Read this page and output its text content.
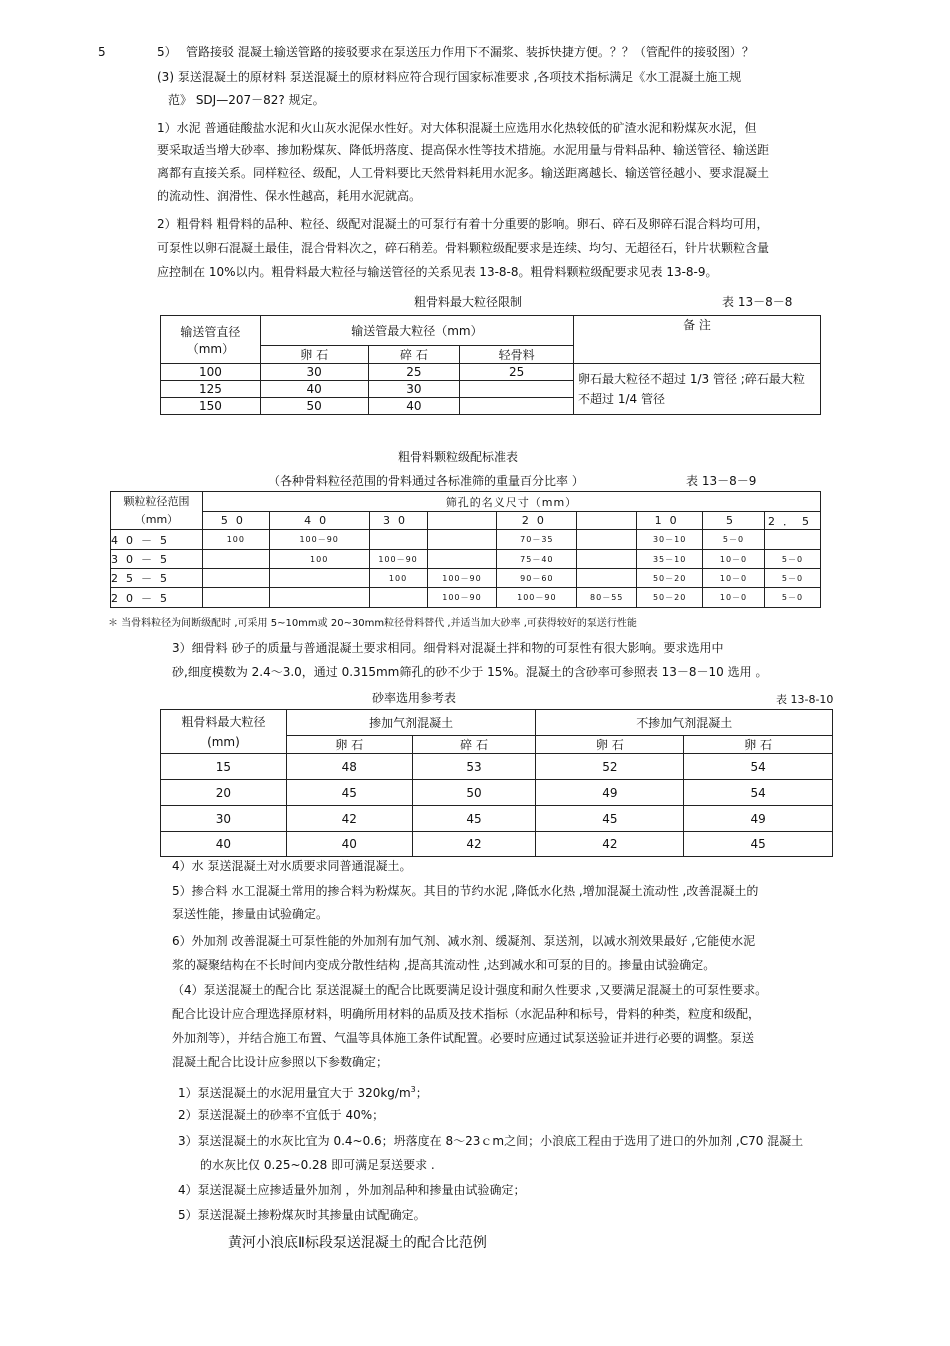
5	5） 管路接驳 混凝土输送管路的接驳要求在泵送压力作用下不漏浆、装拆快捷方便。？？（管配件的接驳图）？
(3) 泵送混凝土的原材料 泵送混凝土的原材料应符合现行国家标准要求 ,各项技术指标满足《水工混凝土施工规
范》 SDJ—207－82? 规定。
1）水泥 普通硅酸盐水泥和火山灰水泥保水性好。对大体积混凝土应选用水化热较低的矿渣水泥和粉煤灰水泥，但
要采取适当增大砂率、掺加粉煤灰、降低坍落度、提高保水性等技术措施。水泥用量与骨料品种、输送管径、输送距
离都有直接关系。同样粒径、级配，人工骨料要比天然骨料耗用水泥多。输送距离越长、输送管径越小、要求混凝土
的流动性、润滑性、保水性越高，耗用水泥就高。
2）粗骨料 粗骨料的品种、粒径、级配对混凝土的可泵行有着十分重要的影响。卵石、碎石及卵碎石混合料均可用，
可泵性以卵石混凝土最佳，混合骨料次之，碎石稍差。骨料颗粒级配要求是连续、均匀、无超径石，针片状颗粒含量
应控制在 10%以内。粗骨料最大粒径与输送管径的关系见表 13-8-8。粗骨料颗粒级配要求见表 13-8-9。
粗骨料最大粒径限制	表 13－8－8
输送管直径
（mm）	输送管最大粒径（mm）			备 注
	卵 石	碎 石	轻骨料	
100	30	25	25	卵石最大粒径不超过 1/3 管径 ;碎石最大粒
不超过 1/4 管径
125	40	30		
150	50	40		
粗骨料颗粒级配标准表
（各种骨料粒径范围的骨料通过各标准筛的重量百分比率 ）	表 13－8－9
颗粒粒径范围
（mm）	筛孔的名义尺寸（mm）								
	50	40	30		20		10	5	2．5
40－5	100	100－90			70－35		30－10	5－0	
30－5		100	100－90		75－40		35－10	10－0	5－0
25－5			100	100－90	90－60		50－20	10－0	5－0
20－5				100－90	100－90	80－55	50－20	10－0	5－0
＊ 当骨料粒径为间断级配时 ,可采用 5~10mm或 20~30mm粒径骨料替代 ,并适当加大砂率 ,可获得较好的泵送行性能
3）细骨料 砂子的质量与普通混凝土要求相同。细骨料对混凝土拌和物的可泵性有很大影响。要求选用中
砂,细度模数为 2.4～3.0，通过 0.315mm筛孔的砂不少于 15%。混凝土的含砂率可参照表 13－8－10 选用 。
砂率选用参考表	表 13-8-10
粗骨料最大粒径
(mm)	掺加气剂混凝土		不掺加气剂混凝土	
	卵 石	碎 石	卵 石	卵 石
15	48	53	52	54
20	45	50	49	54
30	42	45	45	49
40	40	42	42	45
4）水 泵送混凝土对水质要求同普通混凝土。
5）掺合料 水工混凝土常用的掺合料为粉煤灰。其目的节约水泥 ,降低水化热 ,增加混凝土流动性 ,改善混凝土的
泵送性能，掺量由试验确定。
6）外加剂 改善混凝土可泵性能的外加剂有加气剂、减水剂、缓凝剂、泵送剂，以减水剂效果最好 ,它能使水泥
浆的凝聚结构在不长时间内变成分散性结构 ,提高其流动性 ,达到减水和可泵的目的。掺量由试验确定。
（4）泵送混凝土的配合比 泵送混凝土的配合比既要满足设计强度和耐久性要求 ,又要满足混凝土的可泵性要求。
配合比设计应合理选择原材料，明确所用材料的品质及技术指标（水泥品种和标号，骨料的种类，粒度和级配，
外加剂等），并结合施工布置、气温等具体施工条件试配置。必要时应通过试泵送验证并进行必要的调整。泵送
混凝土配合比设计应参照以下参数确定；
1）泵送混凝土的水泥用量宜大于 $320kg/m^3$；
2）泵送混凝土的砂率不宜低于 40%；
3）泵送混凝土的水灰比宜为 0.4~0.6；坍落度在 8～23ｃm之间；小浪底工程由于选用了进口的外加剂 ,C70 混凝土
的水灰比仅 0.25~0.28 即可满足泵送要求 .
4）泵送混凝土应掺适量外加剂 ，外加剂品种和掺量由试验确定；
5）泵送混凝土掺粉煤灰时其掺量由试配确定。
黄河小浪底Ⅱ标段泵送混凝土的配合比范例
